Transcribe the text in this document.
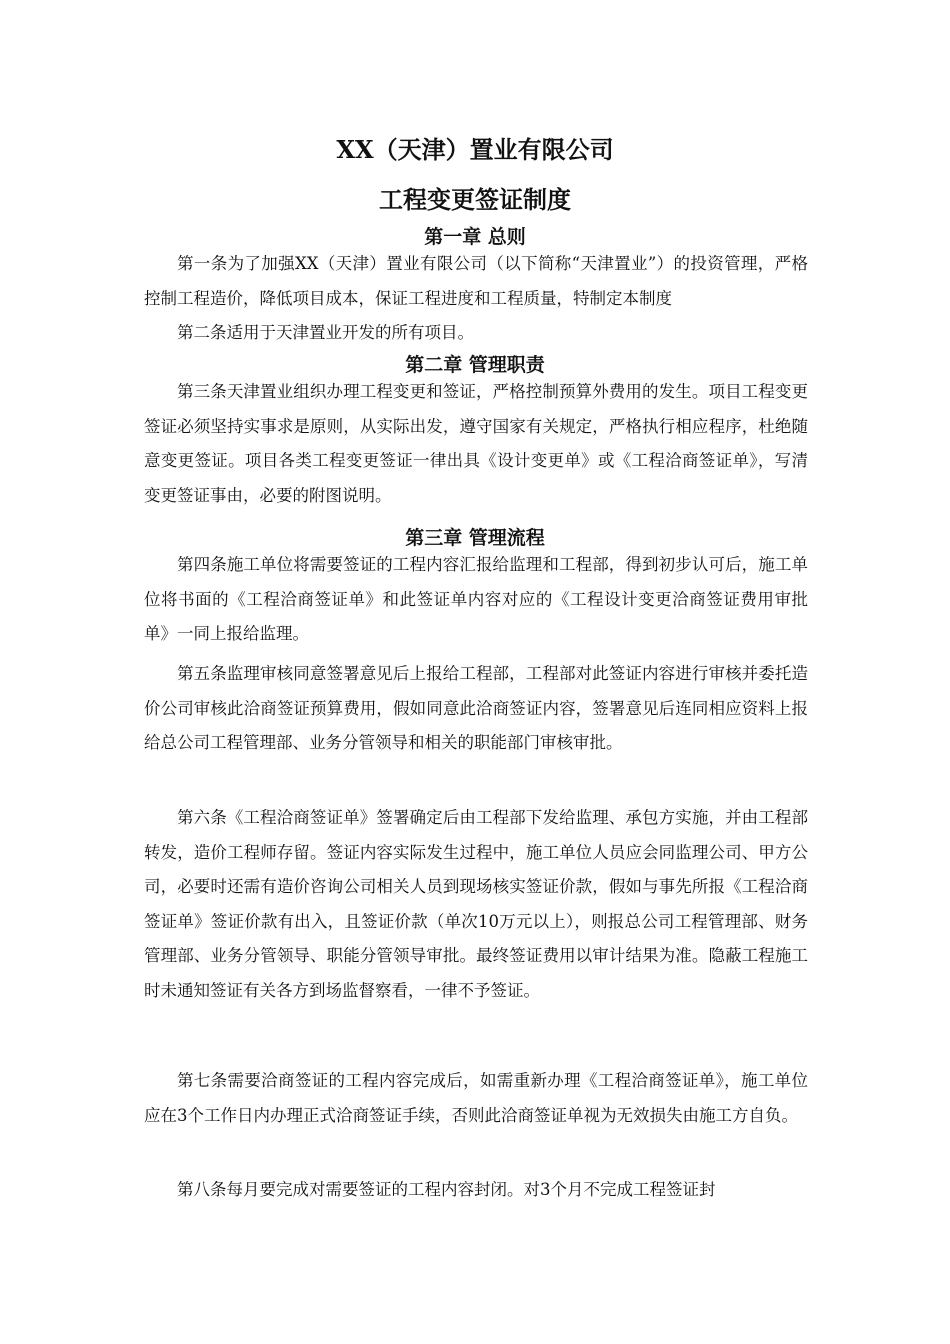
XX（天津）置业有限公司
工程变更签证制度
第一章 总则

第一条为了加强XX（天津）置业有限公司（以下简称“天津置业”）的投资管理，严格控制工程造价，降低项目成本，保证工程进度和工程质量，特制定本制度

第二条适用于天津置业开发的所有项目。

第二章 管理职责

第三条天津置业组织办理工程变更和签证，严格控制预算外费用的发生。项目工程变更签证必须坚持实事求是原则，从实际出发，遵守国家有关规定，严格执行相应程序，杜绝随意变更签证。项目各类工程变更签证一律出具《设计变更单》或《工程洽商签证单》，写清变更签证事由，必要的附图说明。

第三章 管理流程

第四条施工单位将需要签证的工程内容汇报给监理和工程部，得到初步认可后，施工单位将书面的《工程洽商签证单》和此签证单内容对应的《工程设计变更洽商签证费用审批单》一同上报给监理。

第五条监理审核同意签署意见后上报给工程部，工程部对此签证内容进行审核并委托造价公司审核此洽商签证预算费用，假如同意此洽商签证内容，签署意见后连同相应资料上报给总公司工程管理部、业务分管领导和相关的职能部门审核审批。

第六条《工程洽商签证单》签署确定后由工程部下发给监理、承包方实施，并由工程部转发，造价工程师存留。签证内容实际发生过程中，施工单位人员应会同监理公司、甲方公司，必要时还需有造价咨询公司相关人员到现场核实签证价款，假如与事先所报《工程洽商签证单》签证价款有出入，且签证价款（单次10万元以上），则报总公司工程管理部、财务管理部、业务分管领导、职能分管领导审批。最终签证费用以审计结果为准。隐蔽工程施工时未通知签证有关各方到场监督察看，一律不予签证。

第七条需要洽商签证的工程内容完成后，如需重新办理《工程洽商签证单》，施工单位应在3个工作日内办理正式洽商签证手续，否则此洽商签证单视为无效损失由施工方自负。

第八条每月要完成对需要签证的工程内容封闭。对3个月不完成工程签证封
